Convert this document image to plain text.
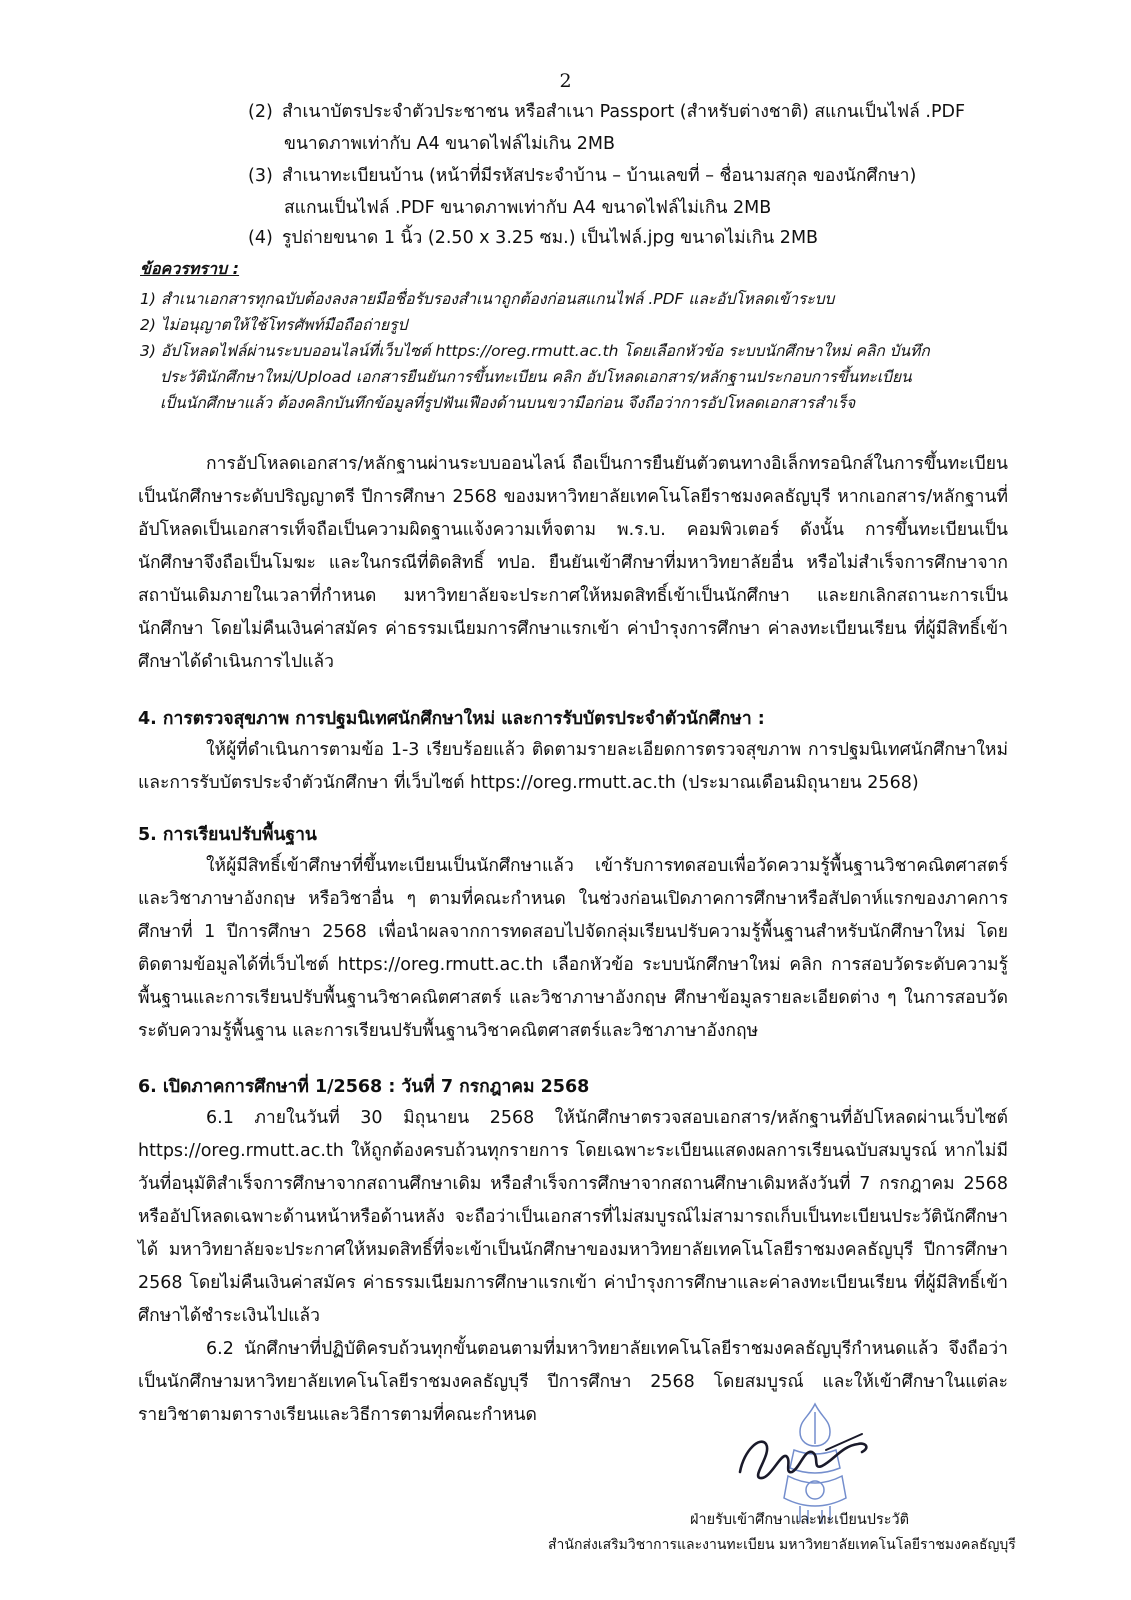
2
(2) สำเนาบัตรประจำตัวประชาชน หรือสำเนา Passport (สำหรับต่างชาติ) สแกนเป็นไฟล์ .PDF
ขนาดภาพเท่ากับ A4 ขนาดไฟล์ไม่เกิน 2MB
(3) สำเนาทะเบียนบ้าน (หน้าที่มีรหัสประจำบ้าน – บ้านเลขที่ – ชื่อนามสกุล ของนักศึกษา)
สแกนเป็นไฟล์ .PDF ขนาดภาพเท่ากับ A4 ขนาดไฟล์ไม่เกิน 2MB
(4) รูปถ่ายขนาด 1 นิ้ว (2.50 x 3.25 ซม.) เป็นไฟล์.jpg ขนาดไม่เกิน 2MB
ข้อควรทราบ :
1) สำเนาเอกสารทุกฉบับต้องลงลายมือชื่อรับรองสำเนาถูกต้องก่อนสแกนไฟล์ .PDF และอัปโหลดเข้าระบบ
2) ไม่อนุญาตให้ใช้โทรศัพท์มือถือถ่ายรูป
3) อัปโหลดไฟล์ผ่านระบบออนไลน์ที่เว็บไซต์ https://oreg.rmutt.ac.th โดยเลือกหัวข้อ ระบบนักศึกษาใหม่ คลิก บันทึก
ประวัตินักศึกษาใหม่/Upload เอกสารยืนยันการขึ้นทะเบียน คลิก อัปโหลดเอกสาร/หลักฐานประกอบการขึ้นทะเบียน
เป็นนักศึกษาแล้ว ต้องคลิกบันทึกข้อมูลที่รูปฟันเฟืองด้านบนขวามือก่อน จึงถือว่าการอัปโหลดเอกสารสำเร็จ

การอัปโหลดเอกสาร/หลักฐานผ่านระบบออนไลน์ ถือเป็นการยืนยันตัวตนทางอิเล็กทรอนิกส์ในการขึ้นทะเบียนเป็นนักศึกษาระดับปริญญาตรี ปีการศึกษา 2568 ของมหาวิทยาลัยเทคโนโลยีราชมงคลธัญบุรี หากเอกสาร/หลักฐานที่อัปโหลดเป็นเอกสารเท็จถือเป็นความผิดฐานแจ้งความเท็จตาม พ.ร.บ. คอมพิวเตอร์ ดังนั้น การขึ้นทะเบียนเป็นนักศึกษาจึงถือเป็นโมฆะ และในกรณีที่ติดสิทธิ์ ทปอ. ยืนยันเข้าศึกษาที่มหาวิทยาลัยอื่น หรือไม่สำเร็จการศึกษาจากสถาบันเดิมภายในเวลาที่กำหนด มหาวิทยาลัยจะประกาศให้หมดสิทธิ์เข้าเป็นนักศึกษา และยกเลิกสถานะการเป็นนักศึกษา โดยไม่คืนเงินค่าสมัคร ค่าธรรมเนียมการศึกษาแรกเข้า ค่าบำรุงการศึกษา ค่าลงทะเบียนเรียน ที่ผู้มีสิทธิ์เข้าศึกษาได้ดำเนินการไปแล้ว

4. การตรวจสุขภาพ การปฐมนิเทศนักศึกษาใหม่ และการรับบัตรประจำตัวนักศึกษา :

ให้ผู้ที่ดำเนินการตามข้อ 1-3 เรียบร้อยแล้ว ติดตามรายละเอียดการตรวจสุขภาพ การปฐมนิเทศนักศึกษาใหม่ และการรับบัตรประจำตัวนักศึกษา ที่เว็บไซต์ https://oreg.rmutt.ac.th (ประมาณเดือนมิถุนายน 2568)

5. การเรียนปรับพื้นฐาน

ให้ผู้มีสิทธิ์เข้าศึกษาที่ขึ้นทะเบียนเป็นนักศึกษาแล้ว เข้ารับการทดสอบเพื่อวัดความรู้พื้นฐานวิชาคณิตศาสตร์และวิชาภาษาอังกฤษ หรือวิชาอื่น ๆ ตามที่คณะกำหนด ในช่วงก่อนเปิดภาคการศึกษาหรือสัปดาห์แรกของภาคการศึกษาที่ 1 ปีการศึกษา 2568 เพื่อนำผลจากการทดสอบไปจัดกลุ่มเรียนปรับความรู้พื้นฐานสำหรับนักศึกษาใหม่ โดยติดตามข้อมูลได้ที่เว็บไซต์ https://oreg.rmutt.ac.th เลือกหัวข้อ ระบบนักศึกษาใหม่ คลิก การสอบวัดระดับความรู้พื้นฐานและการเรียนปรับพื้นฐานวิชาคณิตศาสตร์ และวิชาภาษาอังกฤษ ศึกษาข้อมูลรายละเอียดต่าง ๆ ในการสอบวัดระดับความรู้พื้นฐาน และการเรียนปรับพื้นฐานวิชาคณิตศาสตร์และวิชาภาษาอังกฤษ

6. เปิดภาคการศึกษาที่ 1/2568 : วันที่ 7 กรกฎาคม 2568

6.1 ภายในวันที่ 30 มิถุนายน 2568 ให้นักศึกษาตรวจสอบเอกสาร/หลักฐานที่อัปโหลดผ่านเว็บไซต์ https://oreg.rmutt.ac.th ให้ถูกต้องครบถ้วนทุกรายการ โดยเฉพาะระเบียนแสดงผลการเรียนฉบับสมบูรณ์ หากไม่มีวันที่อนุมัติสำเร็จการศึกษาจากสถานศึกษาเดิม หรือสำเร็จการศึกษาจากสถานศึกษาเดิมหลังวันที่ 7 กรกฎาคม 2568 หรืออัปโหลดเฉพาะด้านหน้าหรือด้านหลัง จะถือว่าเป็นเอกสารที่ไม่สมบูรณ์ไม่สามารถเก็บเป็นทะเบียนประวัตินักศึกษาได้ มหาวิทยาลัยจะประกาศให้หมดสิทธิ์ที่จะเข้าเป็นนักศึกษาของมหาวิทยาลัยเทคโนโลยีราชมงคลธัญบุรี ปีการศึกษา 2568 โดยไม่คืนเงินค่าสมัคร ค่าธรรมเนียมการศึกษาแรกเข้า ค่าบำรุงการศึกษาและค่าลงทะเบียนเรียน ที่ผู้มีสิทธิ์เข้าศึกษาได้ชำระเงินไปแล้ว

6.2 นักศึกษาที่ปฏิบัติครบถ้วนทุกขั้นตอนตามที่มหาวิทยาลัยเทคโนโลยีราชมงคลธัญบุรีกำหนดแล้ว จึงถือว่าเป็นนักศึกษามหาวิทยาลัยเทคโนโลยีราชมงคลธัญบุรี ปีการศึกษา 2568 โดยสมบูรณ์ และให้เข้าศึกษาในแต่ละรายวิชาตามตารางเรียนและวิธีการตามที่คณะกำหนด

ฝ่ายรับเข้าศึกษาและทะเบียนประวัติ
สำนักส่งเสริมวิชาการและงานทะเบียน มหาวิทยาลัยเทคโนโลยีราชมงคลธัญบุรี
